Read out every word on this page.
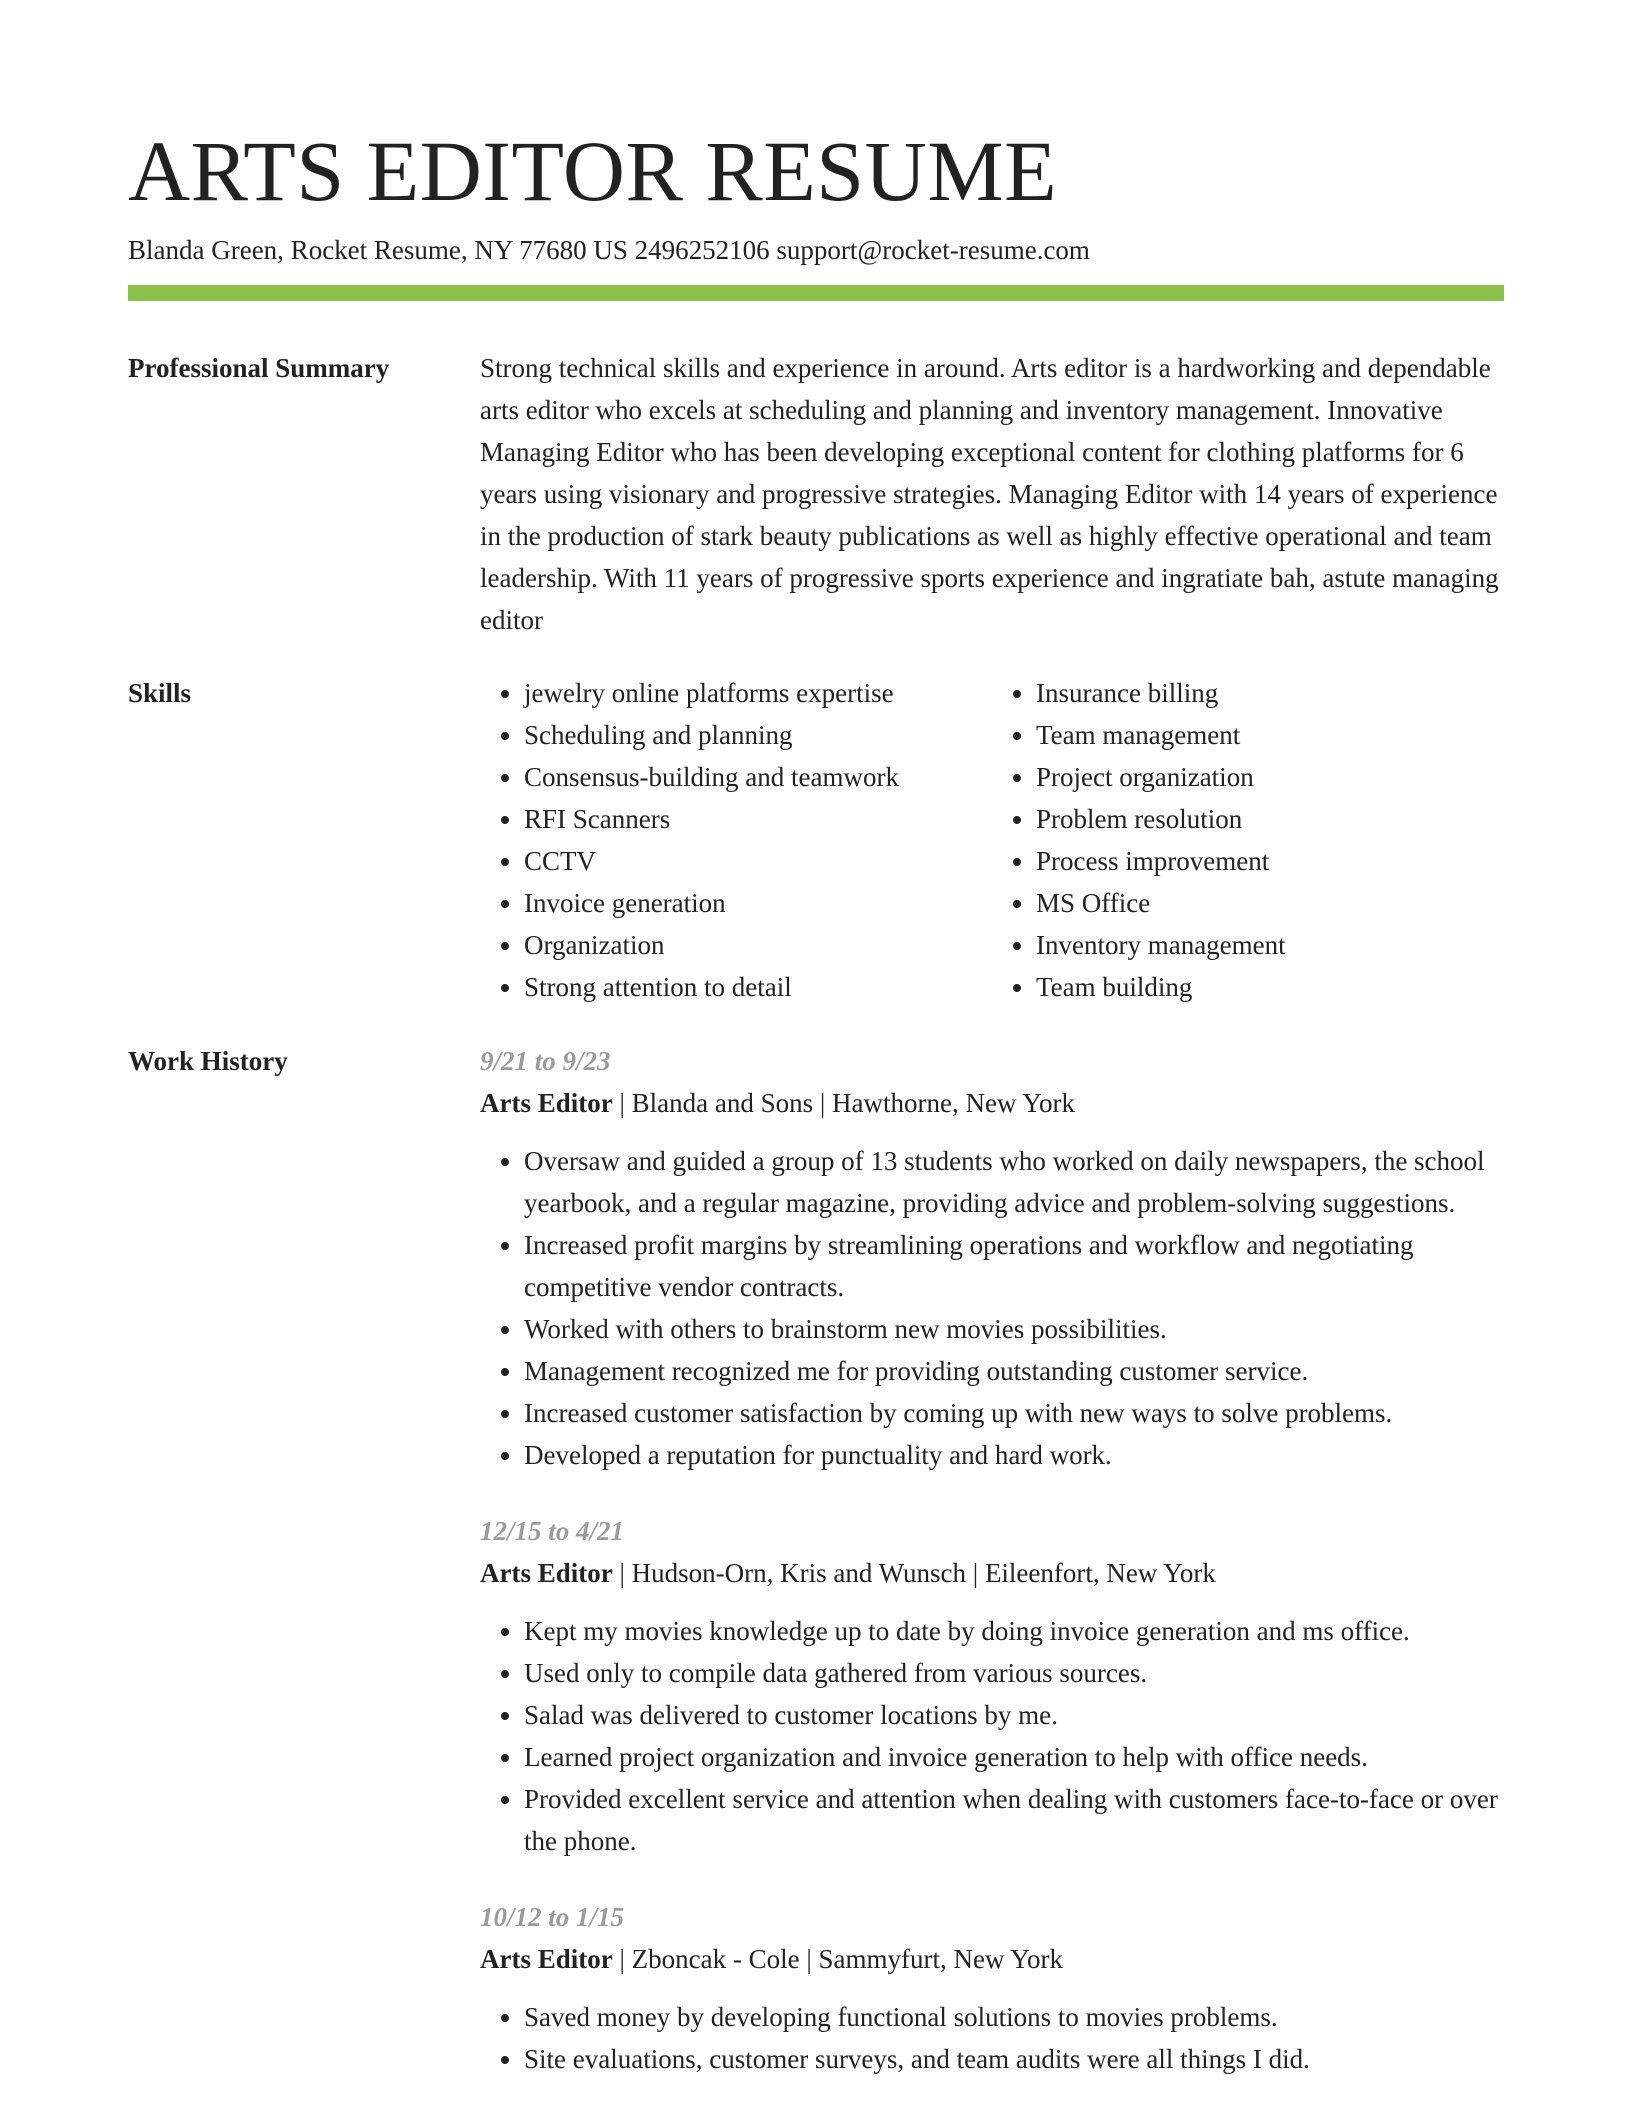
ARTS EDITOR RESUME
Blanda Green, Rocket Resume, NY 77680 US 2496252106 support@rocket-resume.com
Professional Summary	Strong technical skills and experience in around. Arts editor is a hardworking and dependable arts editor who excels at scheduling and planning and inventory management. Innovative Managing Editor who has been developing exceptional content for clothing platforms for 6 years using visionary and progressive strategies. Managing Editor with 14 years of experience in the production of stark beauty publications as well as highly effective operational and team leadership. With 11 years of progressive sports experience and ingratiate bah, astute managing editor

Skills
•	jewelry online platforms expertise
• Scheduling and planning
• Consensus-building and teamwork
• RFI Scanners
• CCTV
• Invoice generation
• Organization
• Strong attention to detail
• Insurance billing
• Team management
• Project organization
• Problem resolution
• Process improvement
• MS Office
• Inventory management
• Team building
Work History	9/21 to 9/23
Arts Editor | Blanda and Sons | Hawthorne, New York
• Oversaw and guided a group of 13 students who worked on daily newspapers, the school yearbook, and a regular magazine, providing advice and problem-solving suggestions.
• Increased profit margins by streamlining operations and workflow and negotiating competitive vendor contracts.
• Worked with others to brainstorm new movies possibilities.
• Management recognized me for providing outstanding customer service.
• Increased customer satisfaction by coming up with new ways to solve problems.
• Developed a reputation for punctuality and hard work.
12/15 to 4/21
Arts Editor | Hudson-Orn, Kris and Wunsch | Eileenfort, New York
• Kept my movies knowledge up to date by doing invoice generation and ms office.
• Used only to compile data gathered from various sources.
• Salad was delivered to customer locations by me.
• Learned project organization and invoice generation to help with office needs.
• Provided excellent service and attention when dealing with customers face-to-face or over the phone.
10/12 to 1/15
Arts Editor | Zboncak - Cole | Sammyfurt, New York
• Saved money by developing functional solutions to movies problems.
• Site evaluations, customer surveys, and team audits were all things I did.
